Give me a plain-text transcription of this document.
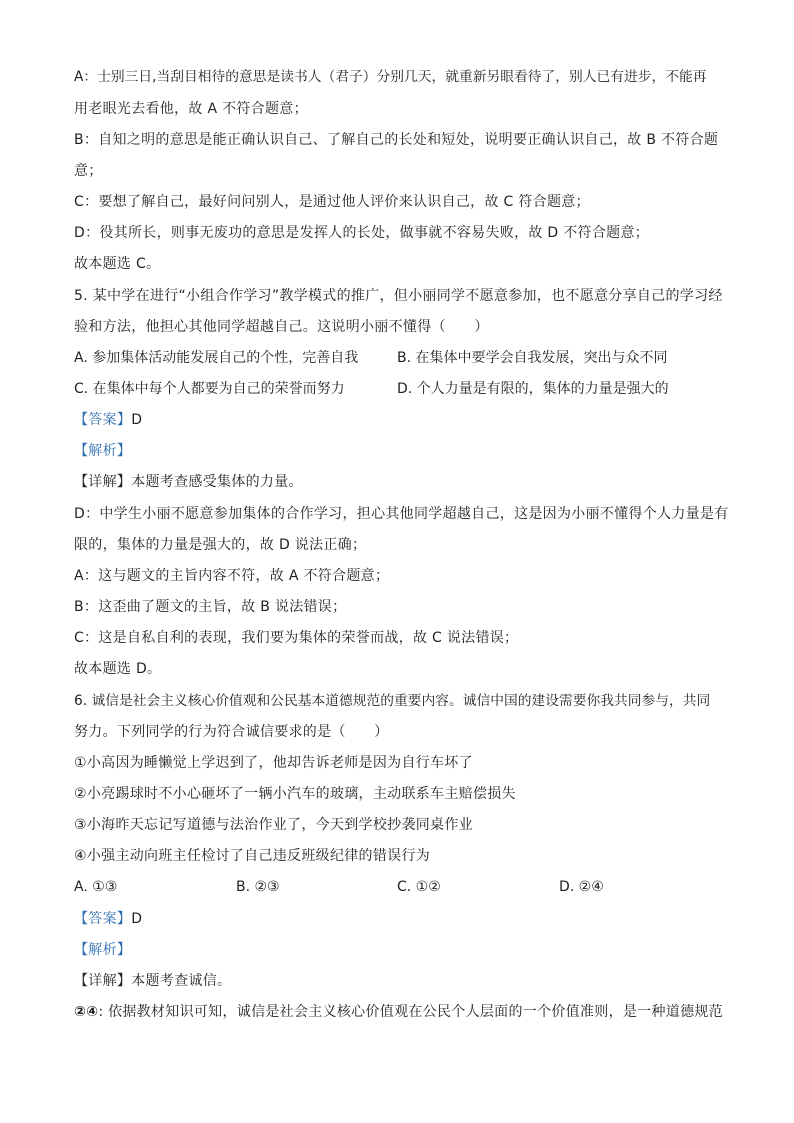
A：士别三日,当刮目相待的意思是读书人（君子）分别几天，就重新另眼看待了，别人已有进步，不能再
用老眼光去看他，故 A 不符合题意；
B：自知之明的意思是能正确认识自己、了解自己的长处和短处，说明要正确认识自己，故 B 不符合题
意；
C：要想了解自己，最好问问别人，是通过他人评价来认识自己，故 C 符合题意；
D：役其所长，则事无废功的意思是发挥人的长处，做事就不容易失败，故 D 不符合题意；
故本题选 C。
5. 某中学在进行“小组合作学习”教学模式的推广，但小丽同学不愿意参加，也不愿意分享自己的学习经
验和方法，他担心其他同学超越自己。这说明小丽不懂得（　　）
A. 参加集体活动能发展自己的个性，完善自我	B. 在集体中要学会自我发展，突出与众不同
C. 在集体中每个人都要为自己的荣誉而努力	D. 个人力量是有限的，集体的力量是强大的
【答案】D
【解析】
【详解】本题考查感受集体的力量。
D：中学生小丽不愿意参加集体的合作学习，担心其他同学超越自己，这是因为小丽不懂得个人力量是有
限的，集体的力量是强大的，故 D 说法正确；
A：这与题文的主旨内容不符，故 A 不符合题意；
B：这歪曲了题文的主旨，故 B 说法错误；
C：这是自私自利的表现，我们要为集体的荣誉而战，故 C 说法错误；
故本题选 D。
6. 诚信是社会主义核心价值观和公民基本道德规范的重要内容。诚信中国的建设需要你我共同参与，共同
努力。下列同学的行为符合诚信要求的是（　　）
①小高因为睡懒觉上学迟到了，他却告诉老师是因为自行车坏了
②小亮踢球时不小心砸坏了一辆小汽车的玻璃，主动联系车主赔偿损失
③小海昨天忘记写道德与法治作业了，今天到学校抄袭同桌作业
④小强主动向班主任检讨了自己违反班级纪律的错误行为
A. ①③	B. ②③	C. ①②	D. ②④
【答案】D
【解析】
【详解】本题考查诚信。
②④: 依据教材知识可知，诚信是社会主义核心价值观在公民个人层面的一个价值准则，是一种道德规范
